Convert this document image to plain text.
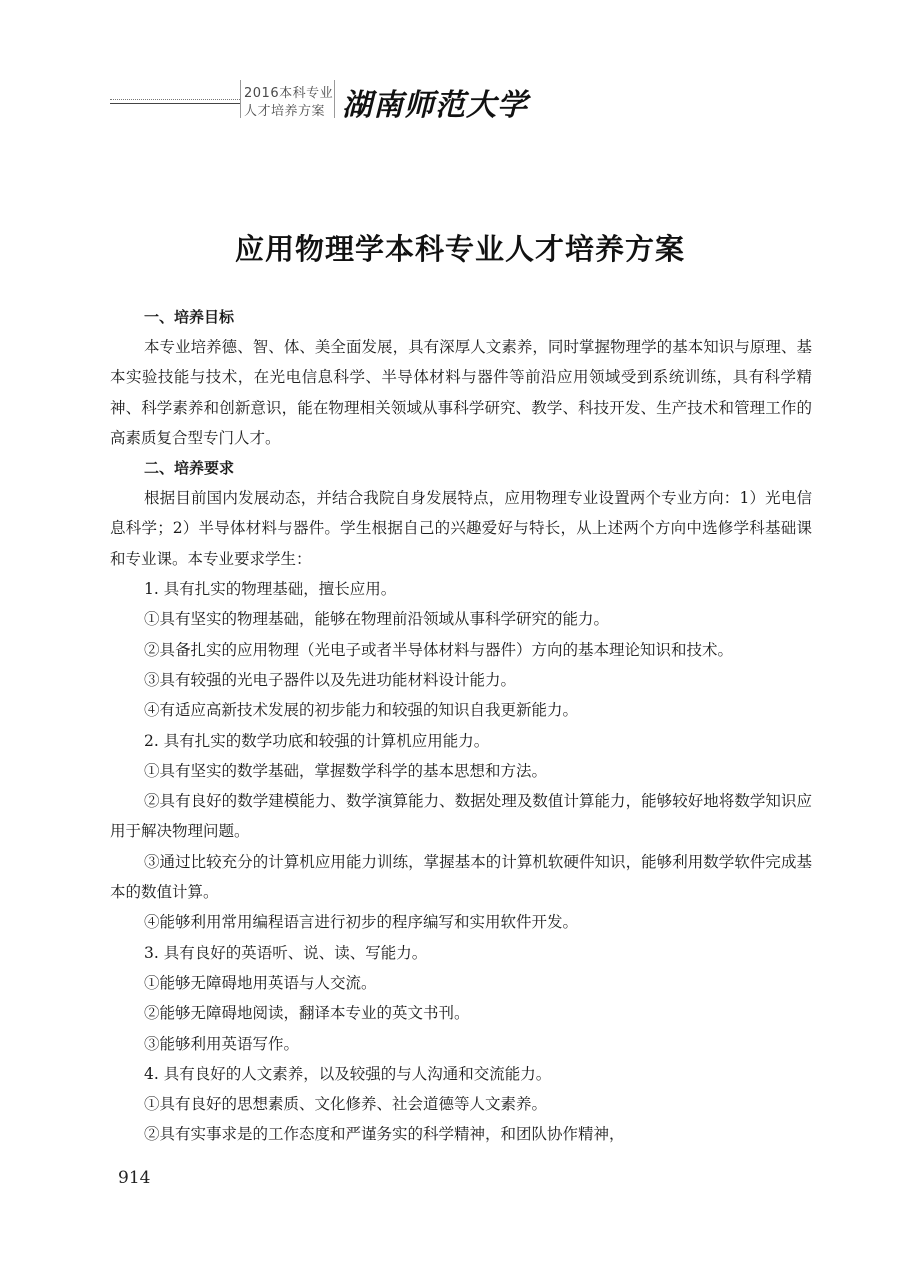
2016本科专业
人才培养方案 湖南师范大学
应用物理学本科专业人才培养方案
一、培养目标

本专业培养德、智、体、美全面发展，具有深厚人文素养，同时掌握物理学的基本知识与原理、基本实验技能与技术，在光电信息科学、半导体材料与器件等前沿应用领域受到系统训练，具有科学精神、科学素养和创新意识，能在物理相关领域从事科学研究、教学、科技开发、生产技术和管理工作的高素质复合型专门人才。

二、培养要求

根据目前国内发展动态，并结合我院自身发展特点，应用物理专业设置两个专业方向：1）光电信息科学；2）半导体材料与器件。学生根据自己的兴趣爱好与特长，从上述两个方向中选修学科基础课和专业课。本专业要求学生：

1. 具有扎实的物理基础，擅长应用。

①具有坚实的物理基础，能够在物理前沿领域从事科学研究的能力。

②具备扎实的应用物理（光电子或者半导体材料与器件）方向的基本理论知识和技术。

③具有较强的光电子器件以及先进功能材料设计能力。

④有适应高新技术发展的初步能力和较强的知识自我更新能力。

2. 具有扎实的数学功底和较强的计算机应用能力。

①具有坚实的数学基础，掌握数学科学的基本思想和方法。

②具有良好的数学建模能力、数学演算能力、数据处理及数值计算能力，能够较好地将数学知识应用于解决物理问题。

③通过比较充分的计算机应用能力训练，掌握基本的计算机软硬件知识，能够利用数学软件完成基本的数值计算。

④能够利用常用编程语言进行初步的程序编写和实用软件开发。

3. 具有良好的英语听、说、读、写能力。

①能够无障碍地用英语与人交流。

②能够无障碍地阅读，翻译本专业的英文书刊。

③能够利用英语写作。

4. 具有良好的人文素养，以及较强的与人沟通和交流能力。

①具有良好的思想素质、文化修养、社会道德等人文素养。

②具有实事求是的工作态度和严谨务实的科学精神，和团队协作精神，

914
